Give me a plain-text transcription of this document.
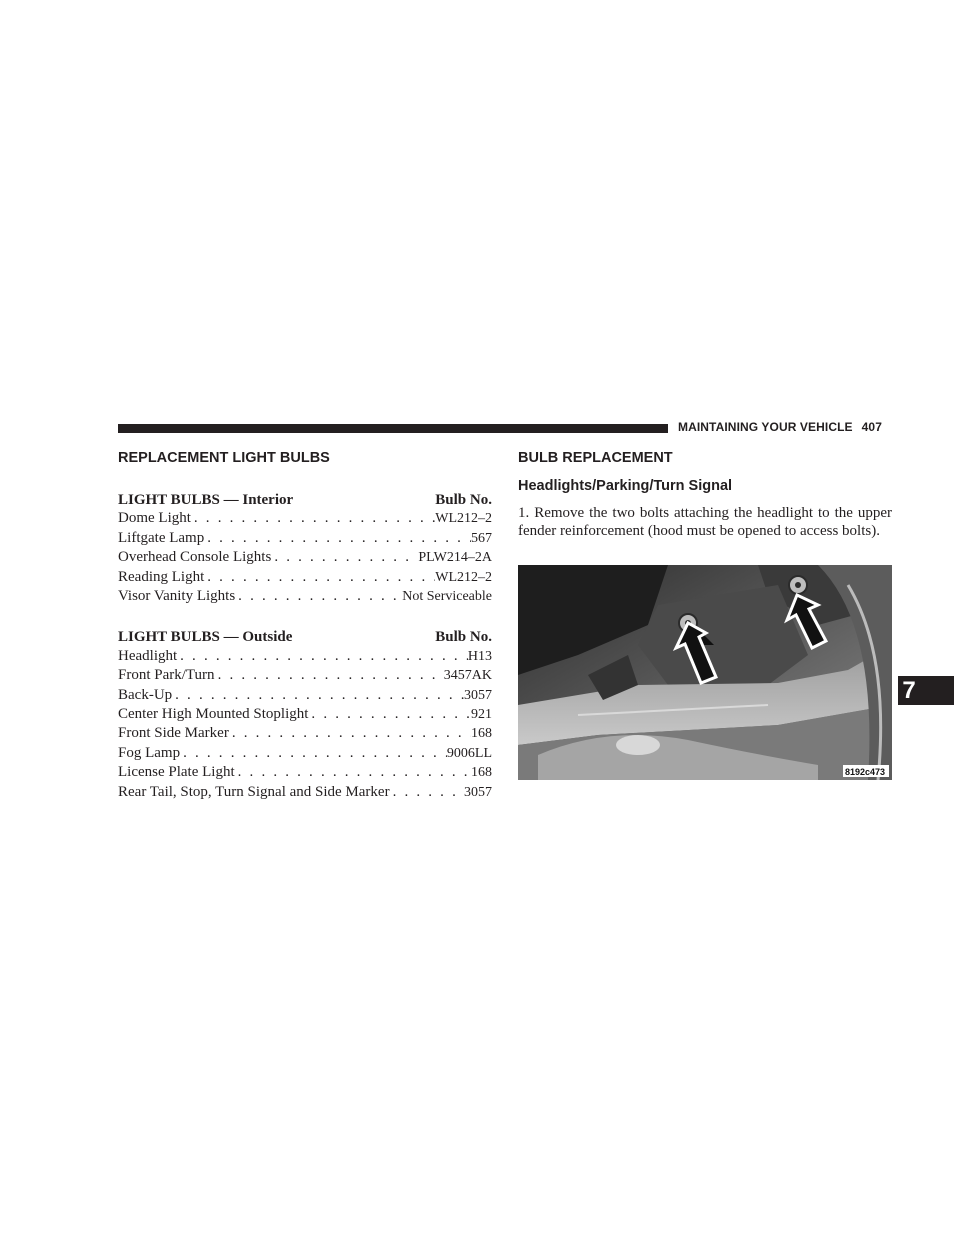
MAINTAINING YOUR VEHICLE 407
REPLACEMENT LIGHT BULBS
LIGHT BULBS — Interior	Bulb No.
Dome Light . . .	WL212–2
Liftgate Lamp . . .	567
Overhead Console Lights . . .	PLW214–2A
Reading Light . . .	WL212–2
Visor Vanity Lights . . .	Not Serviceable
LIGHT BULBS — Outside	Bulb No.
Headlight . . .	H13
Front Park/Turn . . .	3457AK
Back-Up . . .	3057
Center High Mounted Stoplight . . .	921
Front Side Marker . . .	168
Fog Lamp . . .	9006LL
License Plate Light . . .	168
Rear Tail, Stop, Turn Signal and Side Marker . . .	3057
BULB REPLACEMENT
Headlights/Parking/Turn Signal

1. Remove the two bolts attaching the headlight to the upper fender reinforcement (hood must be opened to access bolts).

8192c473
7
